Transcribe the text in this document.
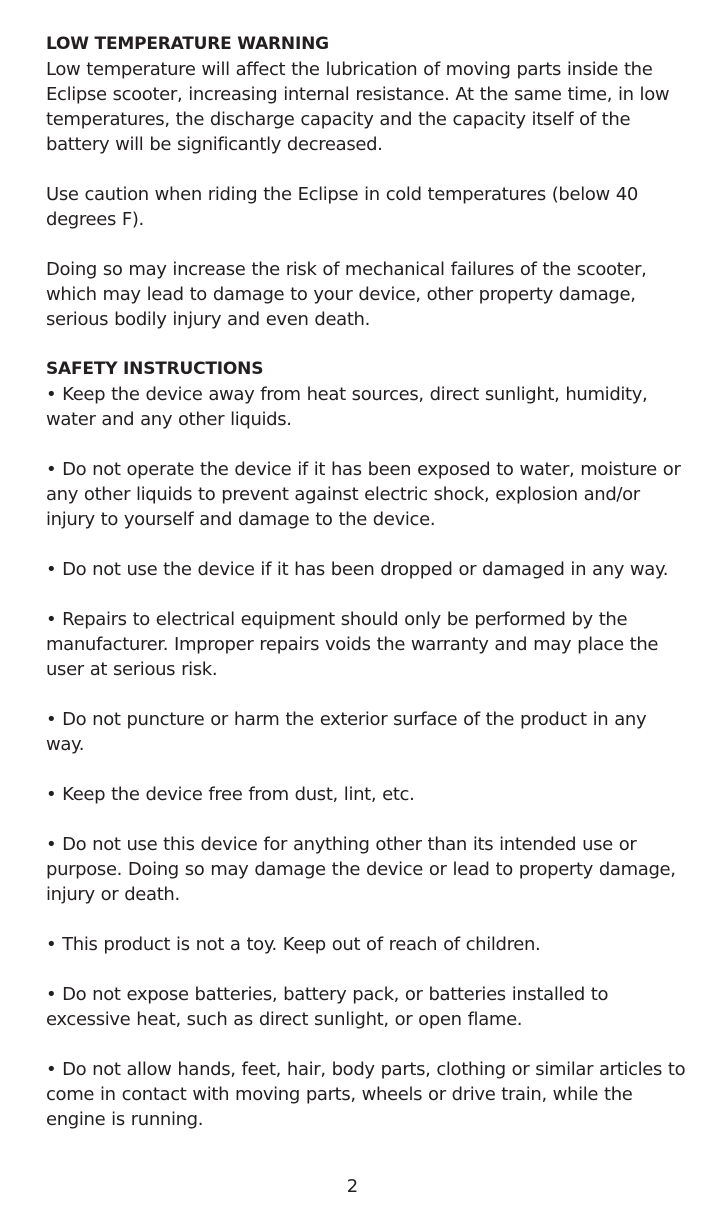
LOW TEMPERATURE WARNING

Low temperature will affect the lubrication of moving parts inside the Eclipse scooter, increasing internal resistance. At the same time, in low temperatures, the discharge capacity and the capacity itself of the battery will be significantly decreased.

Use caution when riding the Eclipse in cold temperatures (below 40 degrees F).

Doing so may increase the risk of mechanical failures of the scooter, which may lead to damage to your device, other property damage, serious bodily injury and even death.

SAFETY INSTRUCTIONS
• Keep the device away from heat sources, direct sunlight, humidity, water and any other liquids.
• Do not operate the device if it has been exposed to water, moisture or any other liquids to prevent against electric shock, explosion and/or injury to yourself and damage to the device.
• Do not use the device if it has been dropped or damaged in any way.
• Repairs to electrical equipment should only be performed by the manufacturer. Improper repairs voids the warranty and may place the user at serious risk.
• Do not puncture or harm the exterior surface of the product in any way.
• Keep the device free from dust, lint, etc.
• Do not use this device for anything other than its intended use or purpose. Doing so may damage the device or lead to property damage, injury or death.
• This product is not a toy. Keep out of reach of children.
• Do not expose batteries, battery pack, or batteries installed to excessive heat, such as direct sunlight, or open flame.
• Do not allow hands, feet, hair, body parts, clothing or similar articles to come in contact with moving parts, wheels or drive train, while the engine is running.
2
